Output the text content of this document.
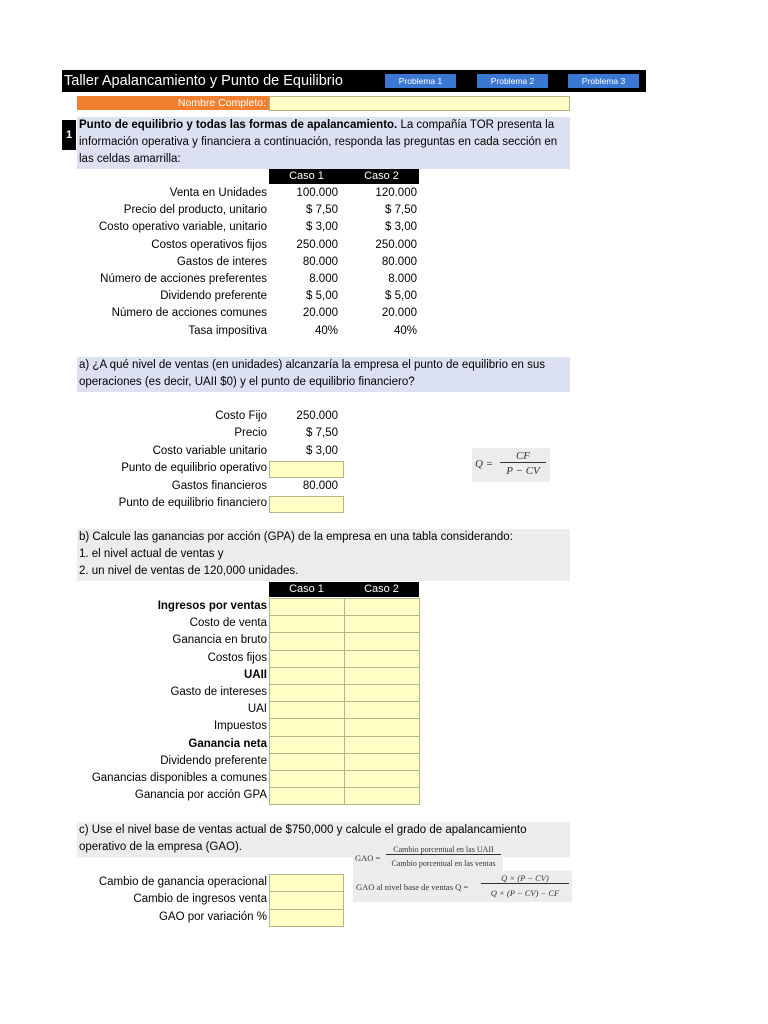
Taller Apalancamiento y Punto de Equilibrio	Problema 1	Problema 2	Problema 3
Nombre Completo:
1
Punto de equilibrio y todas las formas de apalancamiento. La compañía TOR presenta la información operativa y financiera a continuación, responda las preguntas en cada sección en las celdas amarrilla:
Caso 1	Caso 2
Venta en Unidades	100.000	120.000
Precio del producto, unitario	$ 7,50	$ 7,50
Costo operativo variable, unitario	$ 3,00	$ 3,00
Costos operativos fijos	250.000	250.000
Gastos de interes	80.000	80.000
Número de acciones preferentes	8.000	8.000
Dividendo preferente	$ 5,00	$ 5,00
Número de acciones comunes	20.000	20.000
Tasa impositiva	40%	40%
a) ¿A qué nivel de ventas (en unidades) alcanzaría la empresa el punto de equilibrio en sus operaciones (es decir, UAII $0) y el punto de equilibrio financiero?
Costo Fijo	250.000
Precio	$ 7,50
Costo variable unitario	$ 3,00
Punto de equilibrio operativo
Gastos financieros	80.000
Punto de equilibrio financiero
Q =
CF
P − CV
b) Calcule las ganancias por acción (GPA) de la empresa en una tabla considerando:
1. el nivel actual de ventas y
2. un nivel de ventas de 120,000 unidades.
Caso 1	Caso 2
Ingresos por ventas
Costo de venta
Ganancia en bruto
Costos fijos
UAII
Gasto de intereses
UAI
Impuestos
Ganancia neta
Dividendo preferente
Ganancias disponibles a comunes
Ganancia por acción GPA
c) Use el nivel base de ventas actual de $750,000 y calcule el grado de apalancamiento operativo de la empresa (GAO).
GAO =
Cambio porcentual en las UAII
Cambio porcentual en las ventas
GAO al nivel base de ventas Q =
Q × (P − CV)
Q × (P − CV) − CF
Cambio de ganancia operacional
Cambio de ingresos venta
GAO por variación %
